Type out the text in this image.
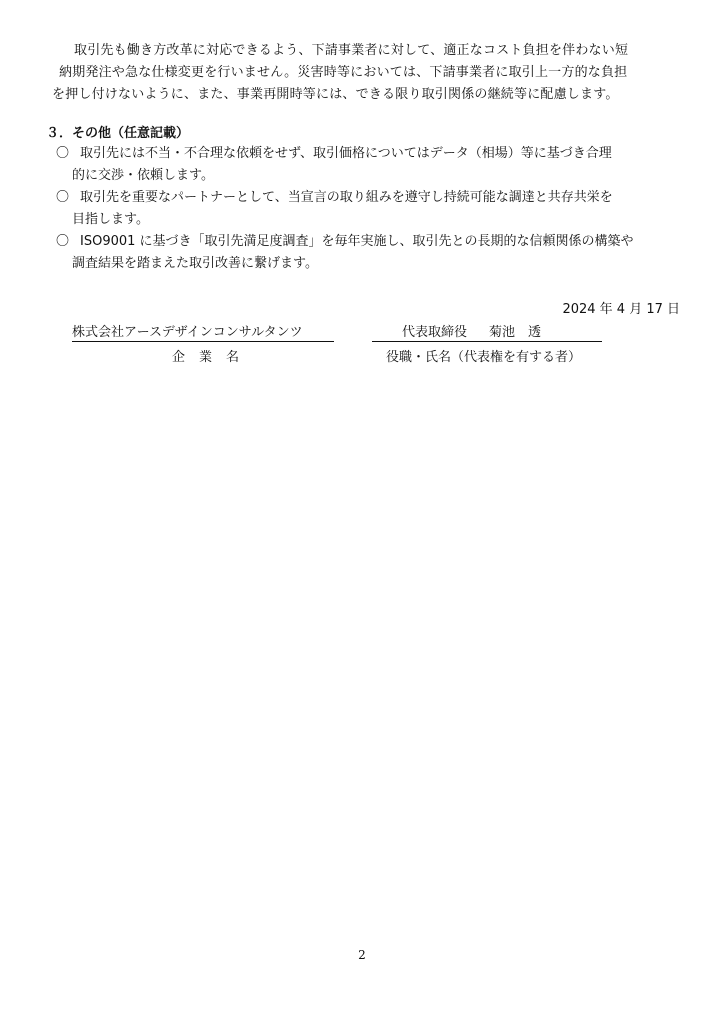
取引先も働き方改革に対応できるよう、下請事業者に対して、適正なコスト負担を伴わない短
納期発注や急な仕様変更を行いません。災害時等においては、下請事業者に取引上一方的な負担
を押し付けないように、また、事業再開時等には、できる限り取引関係の継続等に配慮します。
３．その他（任意記載）
〇 取引先には不当・不合理な依頼をせず、取引価格についてはデータ（相場）等に基づき合理
的に交渉・依頼します。
〇 取引先を重要なパートナーとして、当宣言の取り組みを遵守し持続可能な調達と共存共栄を
目指します。
〇 ISO9001 に基づき「取引先満足度調査」を毎年実施し、取引先との長期的な信頼関係の構築や
調査結果を踏まえた取引改善に繋げます。
2024 年 4 月 17 日
株式会社アースデザインコンサルタンツ	代表取締役 菊池　透
企業名	役職・氏名（代表権を有する者）
2
